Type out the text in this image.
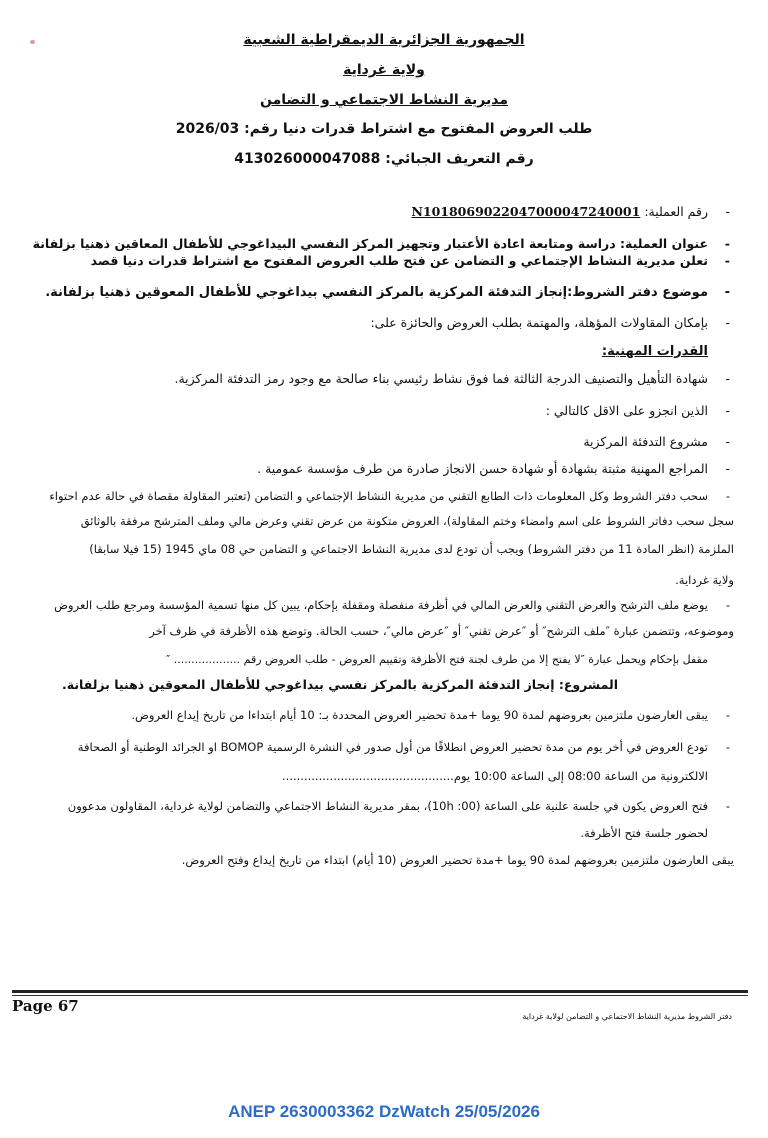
الجمهورية الجزائرية الديمقراطية الشعبية
ولاية غرداية
مديرية النشاط الاجتماعي و التضامن
طلب العروض المفتوح مع اشتراط قدرات دنيا رقم: 2026/03
رقم التعريف الجبائي: 413026000047088
-
رقم العملية: N1018069022047000047240001
-
عنوان العملية: دراسة ومتابعة اعادة الأعتبار وتجهيز المركز النفسي البيداغوجي للأطفال المعاقين ذهنيا بزلفانة
-
تعلن مديرية النشاط الإجتماعي و التضامن عن فتح طلب العروض المفتوح مع اشتراط قدرات دنيا قصد
-
موضوع دفتر الشروط:إنجاز التدفئة المركزية بالمركز النفسي بيداغوجي للأطفال المعوقين ذهنيا بزلفانة.
-
بإمكان المقاولات المؤهلة، والمهتمة بطلب العروض والحائزة على:
القدرات المهنية:
-
شهادة التأهيل والتصنيف الدرجة الثالثة فما فوق نشاط رئيسي بناء صالحة مع وجود رمز التدفئة المركزية.
-
الذين انجزو على الاقل كالتالي :
-
مشروع التدفئة المركزية
-
المراجع المهنية مثبتة بشهادة أو شهادة حسن الانجاز صادرة من طرف مؤسسة عمومية .
-
سحب دفتر الشروط وكل المعلومات ذات الطابع التقني من مديرية النشاط الإجتماعي و التضامن (تعتبر المقاولة مقصاة في حالة عدم احتواء
سجل سحب دفاتر الشروط على اسم وامضاء وختم المقاولة)، العروض متكونة من عرض تقني وعرض مالي وملف المترشح مرفقة بالوثائق
الملزمة (انظر المادة 11 من دفتر الشروط) ويجب أن تودع لدى مديرية النشاط الاجتماعي و التضامن حي 08 ماي 1945 (15 فيلا سابقا)
ولاية غرداية.
-
يوضع ملف الترشح والعرض التقني والعرض المالي في أظرفة منفصلة ومقفلة بإحكام، يبين كل منها تسمية المؤسسة ومرجع طلب العروض
وموضوعه، وتتضمن عبارة ″ملف الترشح″ أو ″عرض تقني″ أو ″عرض مالي″، حسب الحالة. وتوضع هذه الأظرفة في ظرف آخر
مقفل بإحكام ويحمل عبارة ″لا يفتح إلا من طرف لجنة فتح الأظرفة وتقييم العروض - طلب العروض رقم ................... ″
المشروع: إنجاز التدفئة المركزية بالمركز نفسي بيداغوجي للأطفال المعوقين ذهنيا بزلفانة.
-
يبقى العارضون ملتزمين بعروضهم لمدة 90 يوما +مدة تحضير العروض المحددة بـ: 10 أيام ابتداءا من تاريخ إيداع العروض.
-
تودع العروض في أخر يوم من مدة تحضير العروض انطلاقًا من أول صدور في النشرة الرسمية BOMOP او الجرائد الوطنية أو الصحافة
الالكترونية من الساعة 08:00 إلى الساعة 10:00 يوم...............................................
-
فتح العروض يكون في جلسة علنية على الساعة (10h :00)، بمقر مديرية النشاط الاجتماعي والتضامن لولاية غرداية، المقاولون مدعوون
لحضور جلسة فتح الأظرفة.
يبقى العارضون ملتزمين بعروضهم لمدة 90 يوما +مدة تحضير العروض (10 أيام) ابتداء من تاريخ إيداع وفتح العروض.
Page 67
دفتر الشروط مديرية النشاط الاجتماعي و التضامن لولاية غرداية
ANEP 2630003362 DzWatch 25/05/2026
